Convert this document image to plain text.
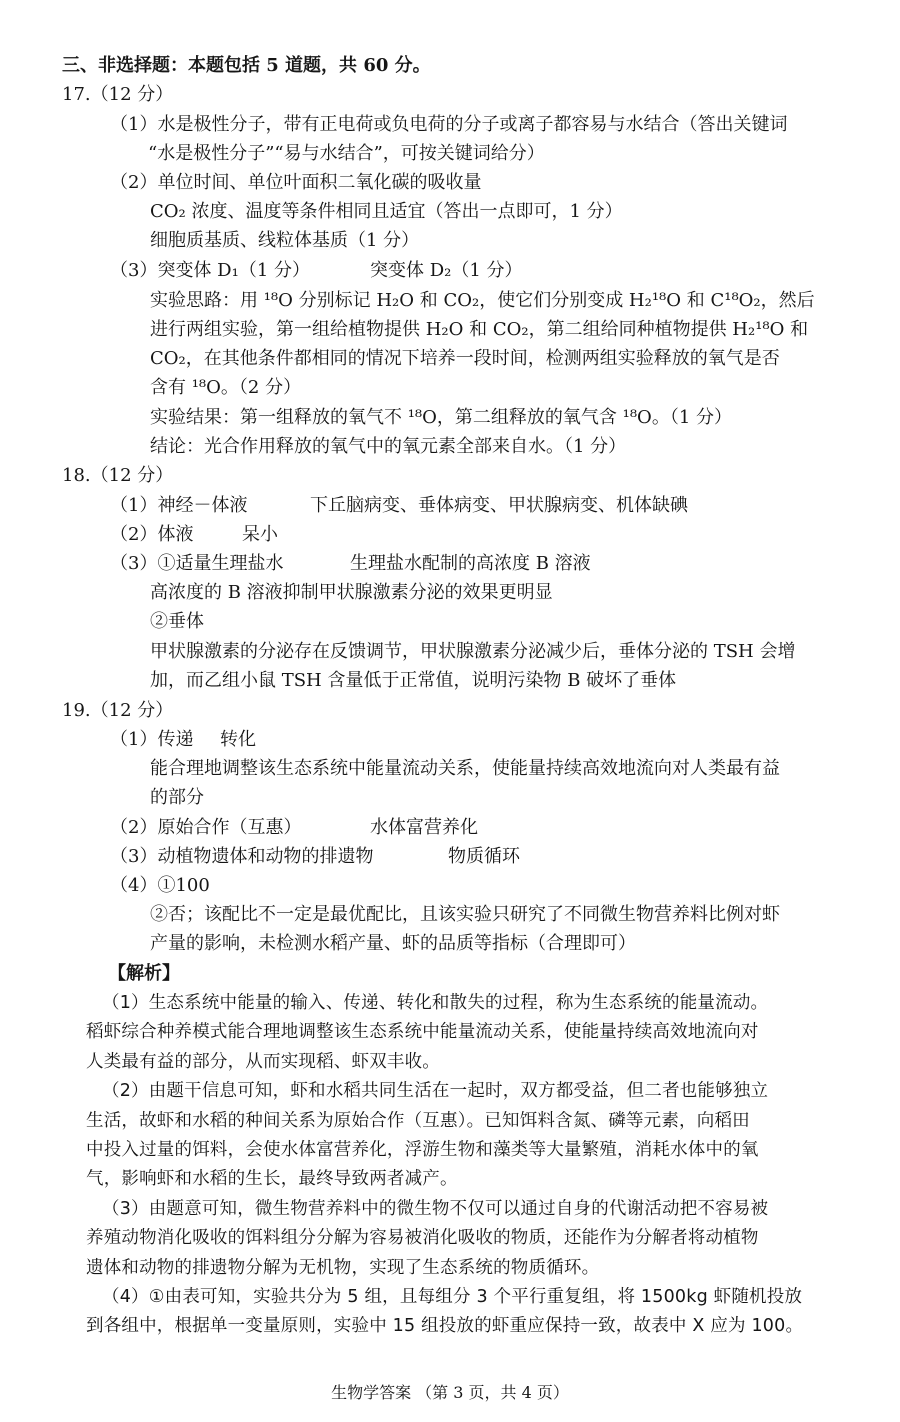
三、非选择题：本题包括 5 道题，共 60 分。
17.（12 分）
（1）水是极性分子，带有正电荷或负电荷的分子或离子都容易与水结合（答出关键词
“水是极性分子”“易与水结合”，可按关键词给分）
（2）单位时间、单位叶面积二氧化碳的吸收量
CO₂ 浓度、温度等条件相同且适宜（答出一点即可，1 分）
细胞质基质、线粒体基质（1 分）
（3）突变体 D₁（1 分）	突变体 D₂（1 分）
实验思路：用 ¹⁸O 分别标记 H₂O 和 CO₂，使它们分别变成 H₂¹⁸O 和 C¹⁸O₂，然后
进行两组实验，第一组给植物提供 H₂O 和 CO₂，第二组给同种植物提供 H₂¹⁸O 和
CO₂，在其他条件都相同的情况下培养一段时间，检测两组实验释放的氧气是否
含有 ¹⁸O。（2 分）
实验结果：第一组释放的氧气不 ¹⁸O，第二组释放的氧气含 ¹⁸O。（1 分）
结论：光合作用释放的氧气中的氧元素全部来自水。（1 分）
18.（12 分）
（1）神经－体液	下丘脑病变、垂体病变、甲状腺病变、机体缺碘
（2）体液	呆小
（3）①适量生理盐水	生理盐水配制的高浓度 B 溶液
高浓度的 B 溶液抑制甲状腺激素分泌的效果更明显
②垂体
甲状腺激素的分泌存在反馈调节，甲状腺激素分泌减少后，垂体分泌的 TSH 会增
加，而乙组小鼠 TSH 含量低于正常值，说明污染物 B 破坏了垂体
19.（12 分）
（1）传递 转化
能合理地调整该生态系统中能量流动关系，使能量持续高效地流向对人类最有益
的部分
（2）原始合作（互惠）	水体富营养化
（3）动植物遗体和动物的排遗物	物质循环
（4）①100
②否；该配比不一定是最优配比，且该实验只研究了不同微生物营养料比例对虾
产量的影响，未检测水稻产量、虾的品质等指标（合理即可）
【解析】
（1）生态系统中能量的输入、传递、转化和散失的过程，称为生态系统的能量流动。
稻虾综合种养模式能合理地调整该生态系统中能量流动关系，使能量持续高效地流向对
人类最有益的部分，从而实现稻、虾双丰收。
（2）由题干信息可知，虾和水稻共同生活在一起时，双方都受益，但二者也能够独立
生活，故虾和水稻的种间关系为原始合作（互惠）。已知饵料含氮、磷等元素，向稻田
中投入过量的饵料，会使水体富营养化，浮游生物和藻类等大量繁殖，消耗水体中的氧
气，影响虾和水稻的生长，最终导致两者减产。
（3）由题意可知，微生物营养料中的微生物不仅可以通过自身的代谢活动把不容易被
养殖动物消化吸收的饵料组分分解为容易被消化吸收的物质，还能作为分解者将动植物
遗体和动物的排遗物分解为无机物，实现了生态系统的物质循环。
（4）①由表可知，实验共分为 5 组，且每组分 3 个平行重复组，将 1500kg 虾随机投放
到各组中，根据单一变量原则，实验中 15 组投放的虾重应保持一致，故表中 X 应为 100。
生物学答案 （第 3 页，共 4 页）
